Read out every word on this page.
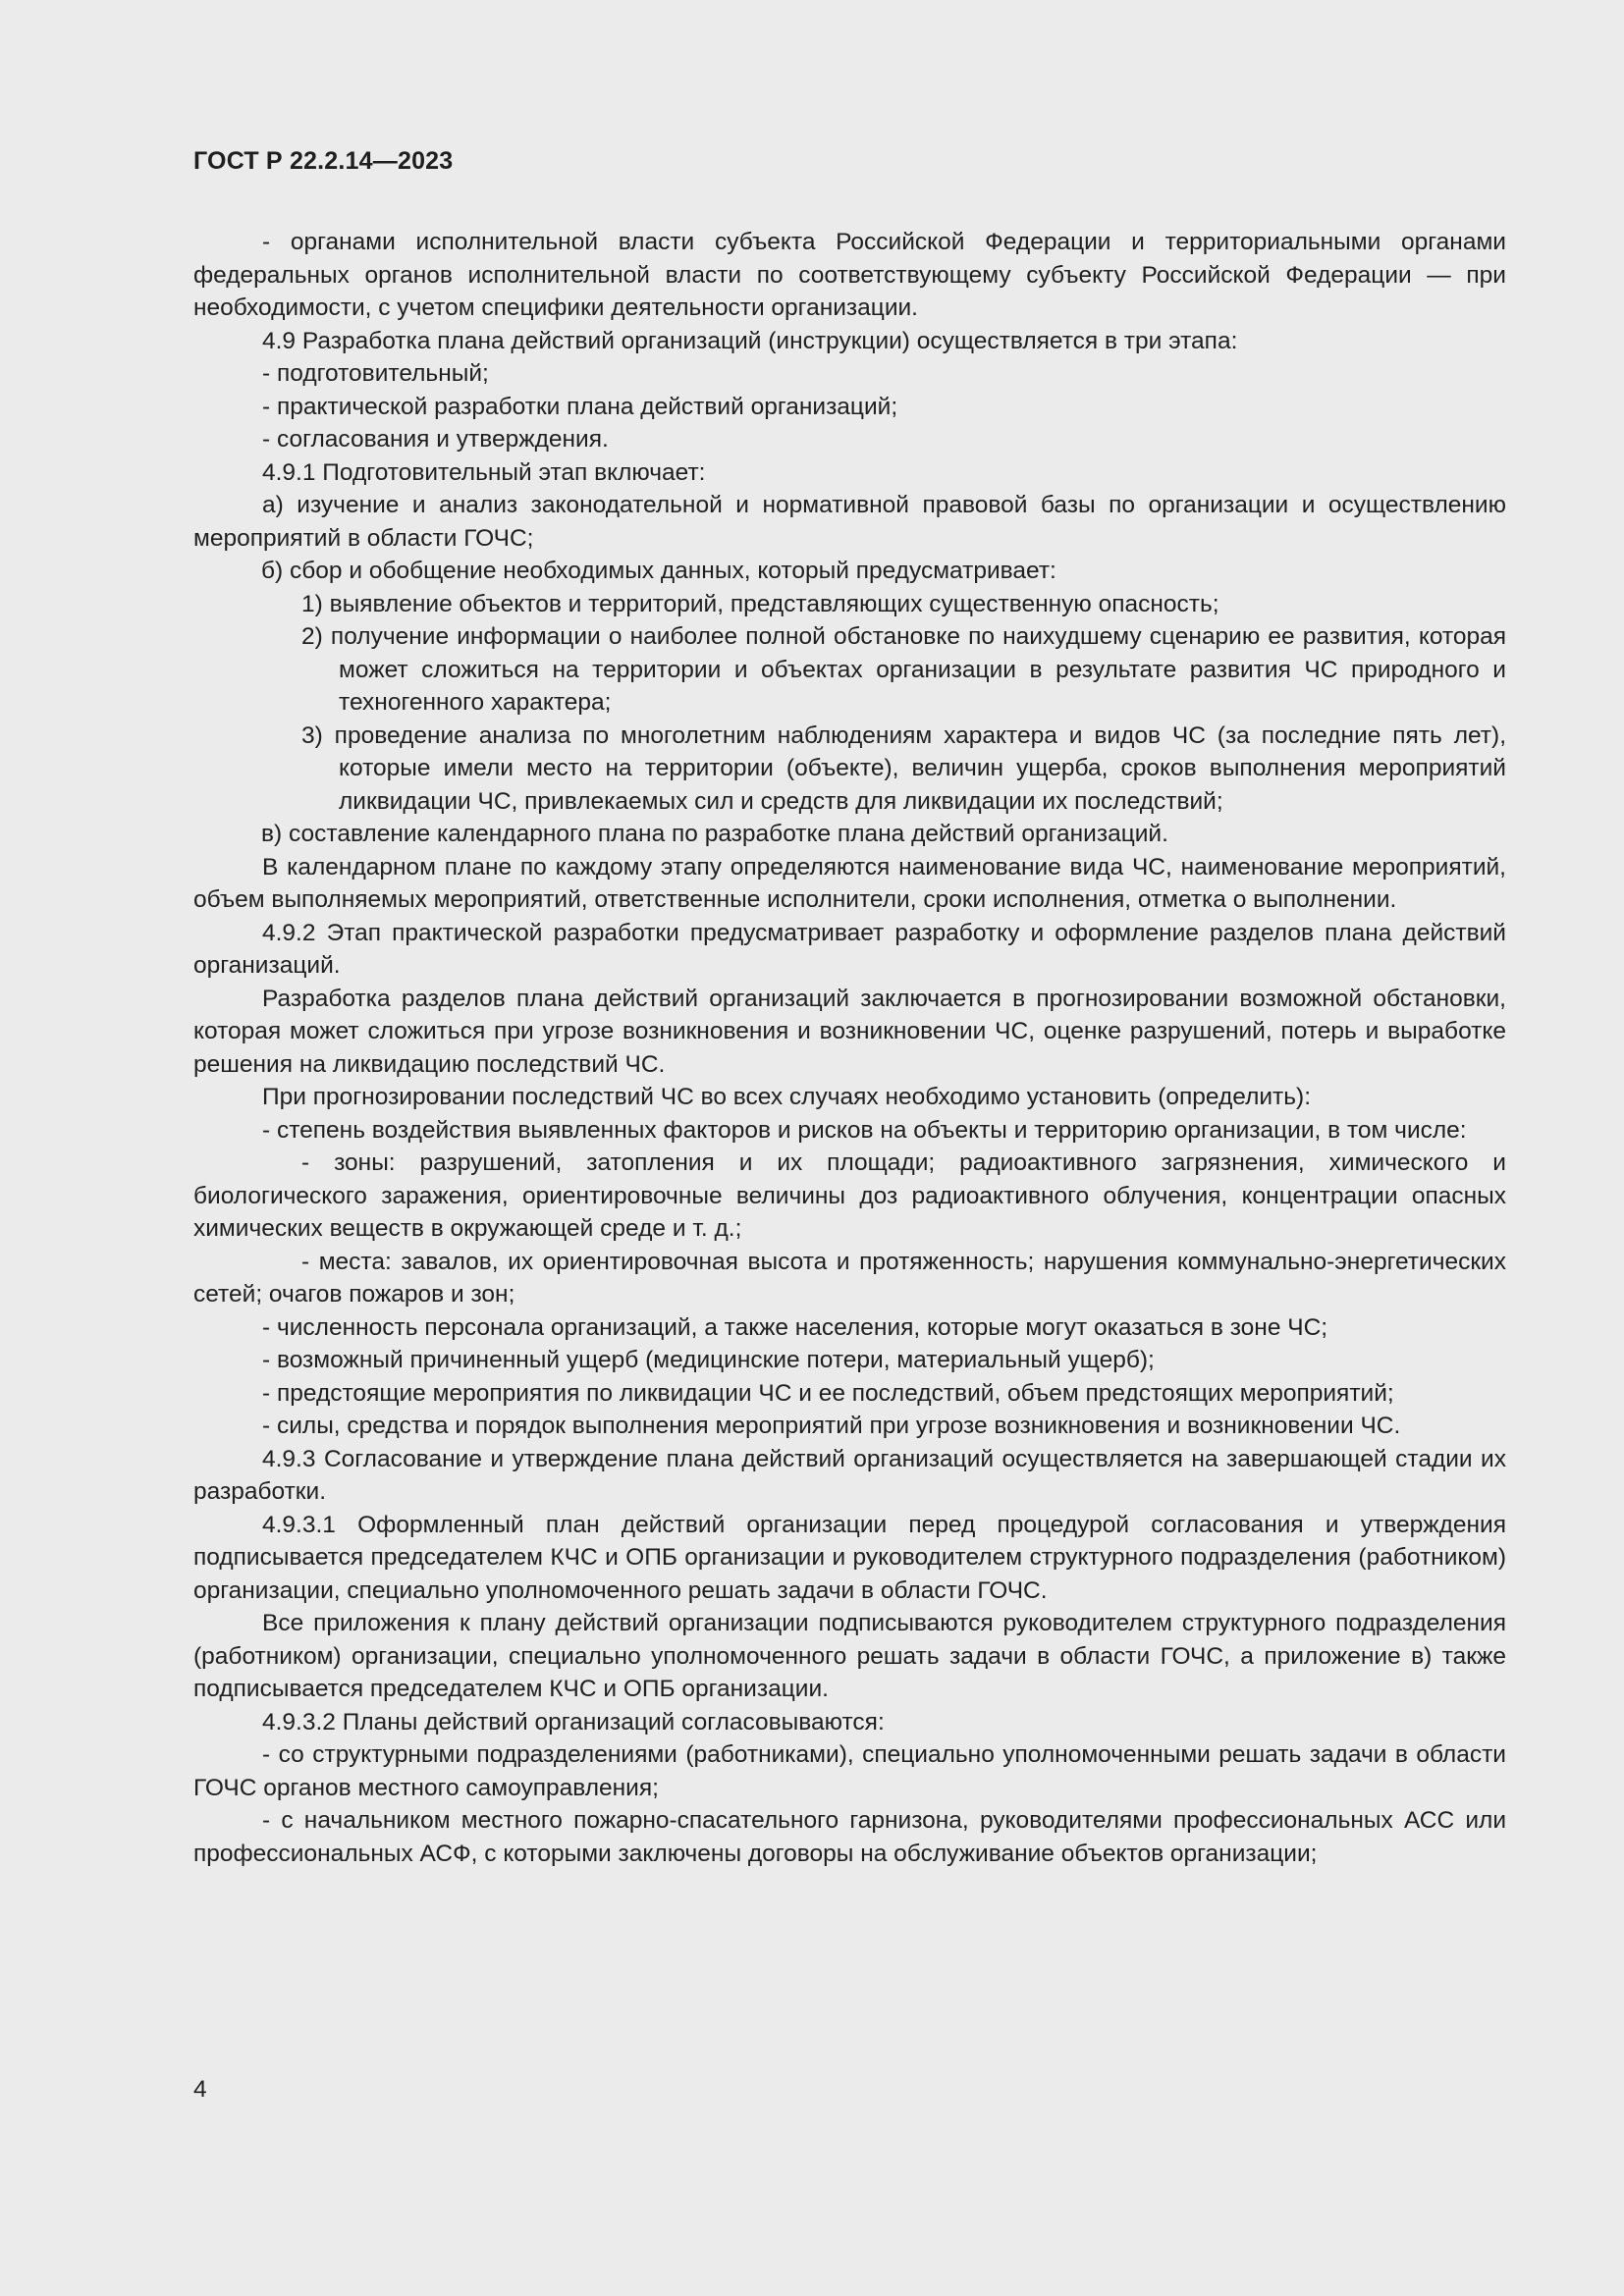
ГОСТ Р 22.2.14—2023

- органами исполнительной власти субъекта Российской Федерации и территориальными органами федеральных органов исполнительной власти по соответствующему субъекту Российской Федерации — при необходимости, с учетом специфики деятельности организации.

4.9 Разработка плана действий организаций (инструкции) осуществляется в три этапа:

- подготовительный;

- практической разработки плана действий организаций;

- согласования и утверждения.

4.9.1 Подготовительный этап включает:

а) изучение и анализ законодательной и нормативной правовой базы по организации и осуществлению мероприятий в области ГОЧС;

б) сбор и обобщение необходимых данных, который предусматривает:

1) выявление объектов и территорий, представляющих существенную опасность;

2) получение информации о наиболее полной обстановке по наихудшему сценарию ее развития, которая может сложиться на территории и объектах организации в результате развития ЧС природного и техногенного характера;

3) проведение анализа по многолетним наблюдениям характера и видов ЧС (за последние пять лет), которые имели место на территории (объекте), величин ущерба, сроков выполнения мероприятий ликвидации ЧС, привлекаемых сил и средств для ликвидации их последствий;

в) составление календарного плана по разработке плана действий организаций.

В календарном плане по каждому этапу определяются наименование вида ЧС, наименование мероприятий, объем выполняемых мероприятий, ответственные исполнители, сроки исполнения, отметка о выполнении.

4.9.2 Этап практической разработки предусматривает разработку и оформление разделов плана действий организаций.

Разработка разделов плана действий организаций заключается в прогнозировании возможной обстановки, которая может сложиться при угрозе возникновения и возникновении ЧС, оценке разрушений, потерь и выработке решения на ликвидацию последствий ЧС.

При прогнозировании последствий ЧС во всех случаях необходимо установить (определить):

- степень воздействия выявленных факторов и рисков на объекты и территорию организации, в том числе:

- зоны: разрушений, затопления и их площади; радиоактивного загрязнения, химического и биологического заражения, ориентировочные величины доз радиоактивного облучения, концентрации опасных химических веществ в окружающей среде и т. д.;

- места: завалов, их ориентировочная высота и протяженность; нарушения коммунально-энергетических сетей; очагов пожаров и зон;

- численность персонала организаций, а также населения, которые могут оказаться в зоне ЧС;

- возможный причиненный ущерб (медицинские потери, материальный ущерб);

- предстоящие мероприятия по ликвидации ЧС и ее последствий, объем предстоящих мероприятий;

- силы, средства и порядок выполнения мероприятий при угрозе возникновения и возникновении ЧС.

4.9.3 Согласование и утверждение плана действий организаций осуществляется на завершающей стадии их разработки.

4.9.3.1 Оформленный план действий организации перед процедурой согласования и утверждения подписывается председателем КЧС и ОПБ организации и руководителем структурного подразделения (работником) организации, специально уполномоченного решать задачи в области ГОЧС.

Все приложения к плану действий организации подписываются руководителем структурного подразделения (работником) организации, специально уполномоченного решать задачи в области ГОЧС, а приложение в) также подписывается председателем КЧС и ОПБ организации.

4.9.3.2 Планы действий организаций согласовываются:

- со структурными подразделениями (работниками), специально уполномоченными решать задачи в области ГОЧС органов местного самоуправления;

- с начальником местного пожарно-спасательного гарнизона, руководителями профессиональных АСС или профессиональных АСФ, с которыми заключены договоры на обслуживание объектов организации;

4
